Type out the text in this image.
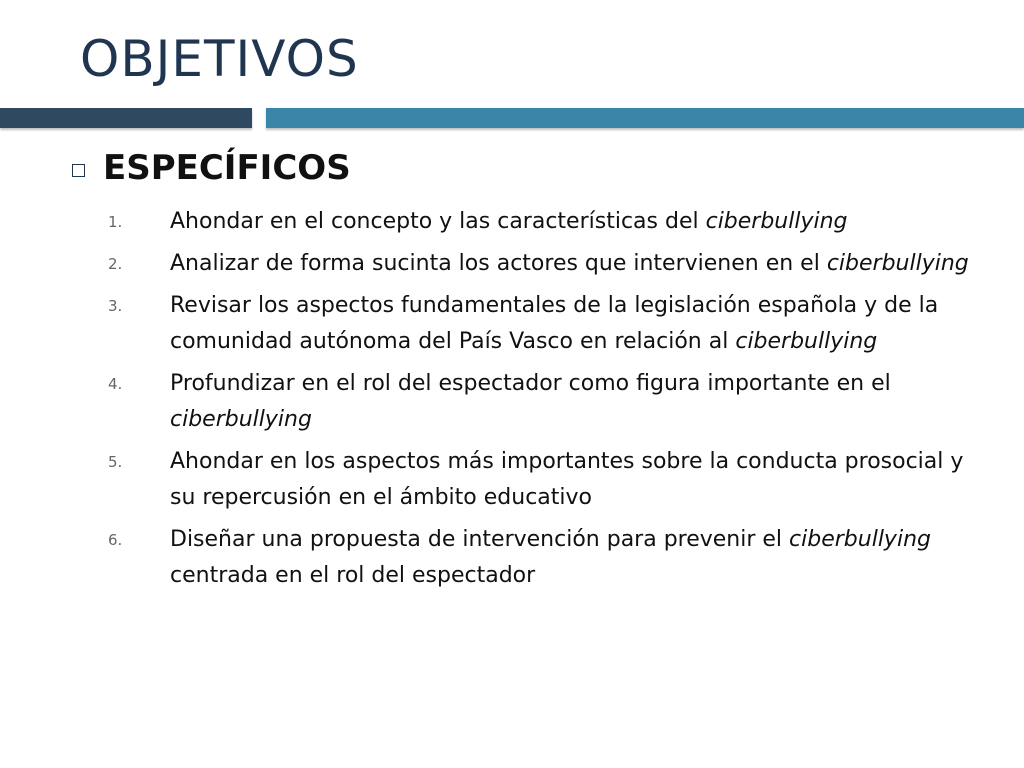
OBJETIVOS
ESPECÍFICOS
1. Ahondar en el concepto y las características del ciberbullying
2. Analizar de forma sucinta los actores que intervienen en el ciberbullying
3. Revisar los aspectos fundamentales de la legislación española y de la comunidad autónoma del País Vasco en relación al ciberbullying
4. Profundizar en el rol del espectador como figura importante en el ciberbullying
5. Ahondar en los aspectos más importantes sobre la conducta prosocial y su repercusión en el ámbito educativo
6. Diseñar una propuesta de intervención para prevenir el ciberbullying centrada en el rol del espectador
